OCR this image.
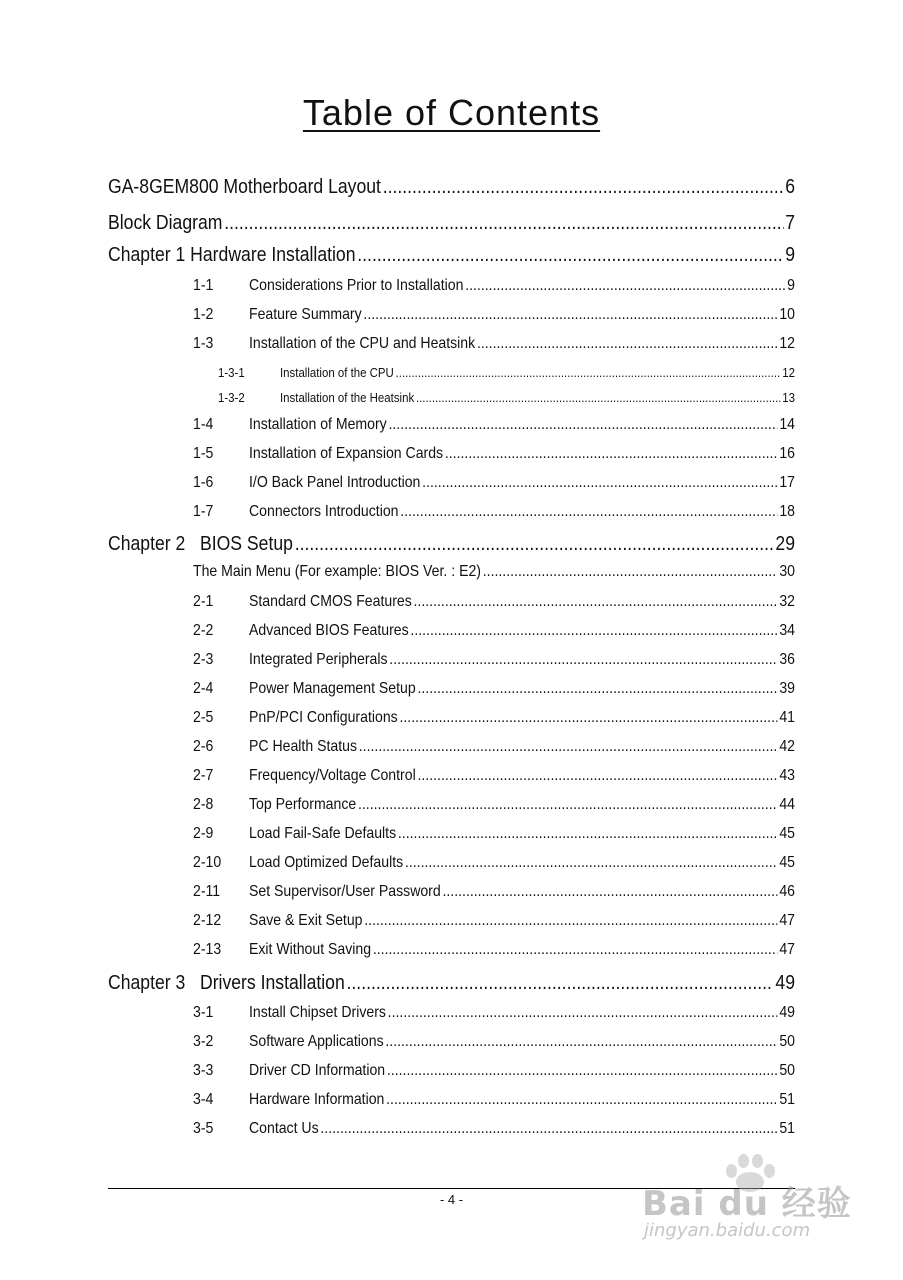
Table of Contents
GA-8GEM800 Motherboard Layout .....	6
Block Diagram .....	7
Chapter 1 Hardware Installation .....	9
1-1	Considerations Prior to Installation .....	9
1-2	Feature Summary .....	10
1-3	Installation of the CPU and Heatsink .....	12
1-3-1	Installation of the CPU .....	12
1-3-2	Installation of the Heatsink .....	13
1-4	Installation of Memory .....	14
1-5	Installation of Expansion Cards .....	16
1-6	I/O Back Panel Introduction .....	17
1-7	Connectors Introduction .....	18
Chapter 2 BIOS Setup .....	29
The Main Menu (For example: BIOS Ver. : E2) .....	30
2-1	Standard CMOS Features .....	32
2-2	Advanced BIOS Features .....	34
2-3	Integrated Peripherals .....	36
2-4	Power Management Setup .....	39
2-5	PnP/PCI Configurations .....	41
2-6	PC Health Status .....	42
2-7	Frequency/Voltage Control .....	43
2-8	Top Performance .....	44
2-9	Load Fail-Safe Defaults .....	45
2-10	Load Optimized Defaults .....	45
2-11	Set Supervisor/User Password .....	46
2-12	Save & Exit Setup .....	47
2-13	Exit Without Saving .....	47
Chapter 3 Drivers Installation .....	49
3-1	Install Chipset Drivers .....	49
3-2	Software Applications .....	50
3-3	Driver CD Information .....	50
3-4	Hardware Information .....	51
3-5	Contact Us .....	51
- 4 -	Bai du 经验
jingyan.baidu.com
